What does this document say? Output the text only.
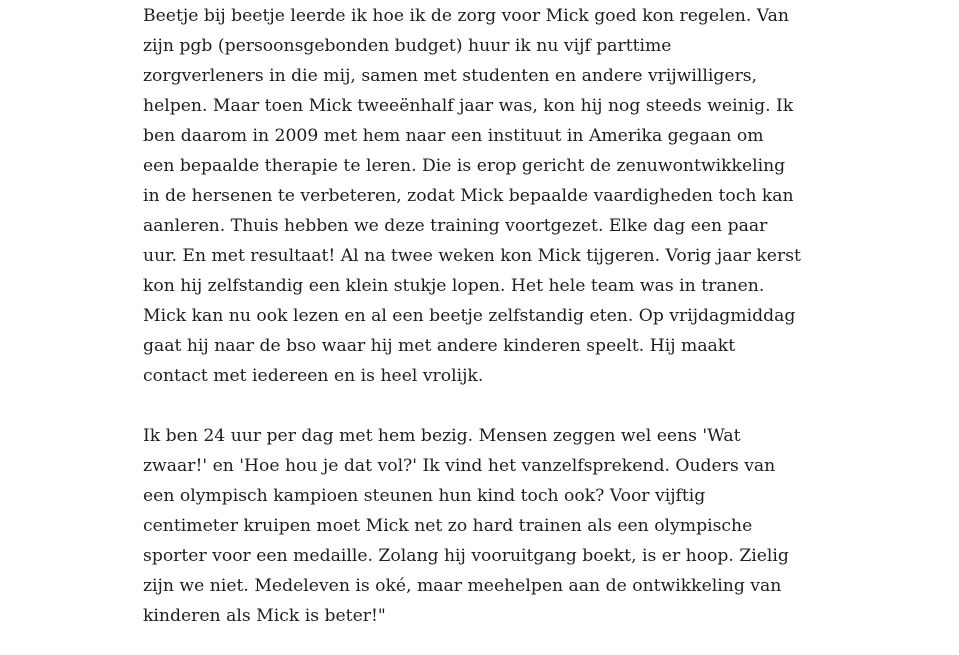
Beetje bij beetje leerde ik hoe ik de zorg voor Mick goed kon regelen. Van
zijn pgb (persoonsgebonden budget) huur ik nu vijf parttime
zorgverleners in die mij, samen met studenten en andere vrijwilligers,
helpen. Maar toen Mick tweeënhalf jaar was, kon hij nog steeds weinig. Ik
ben daarom in 2009 met hem naar een instituut in Amerika gegaan om
een bepaalde therapie te leren. Die is erop gericht de zenuwontwikkeling
in de hersenen te verbeteren, zodat Mick bepaalde vaardigheden toch kan
aanleren. Thuis hebben we deze training voortgezet. Elke dag een paar
uur. En met resultaat! Al na twee weken kon Mick tijgeren. Vorig jaar kerst
kon hij zelfstandig een klein stukje lopen. Het hele team was in tranen.
Mick kan nu ook lezen en al een beetje zelfstandig eten. Op vrijdagmiddag
gaat hij naar de bso waar hij met andere kinderen speelt. Hij maakt
contact met iedereen en is heel vrolijk.

Ik ben 24 uur per dag met hem bezig. Mensen zeggen wel eens 'Wat
zwaar!' en 'Hoe hou je dat vol?' Ik vind het vanzelfsprekend. Ouders van
een olympisch kampioen steunen hun kind toch ook? Voor vijftig
centimeter kruipen moet Mick net zo hard trainen als een olympische
sporter voor een medaille. Zolang hij vooruitgang boekt, is er hoop. Zielig
zijn we niet. Medeleven is oké, maar meehelpen aan de ontwikkeling van
kinderen als Mick is beter!"
